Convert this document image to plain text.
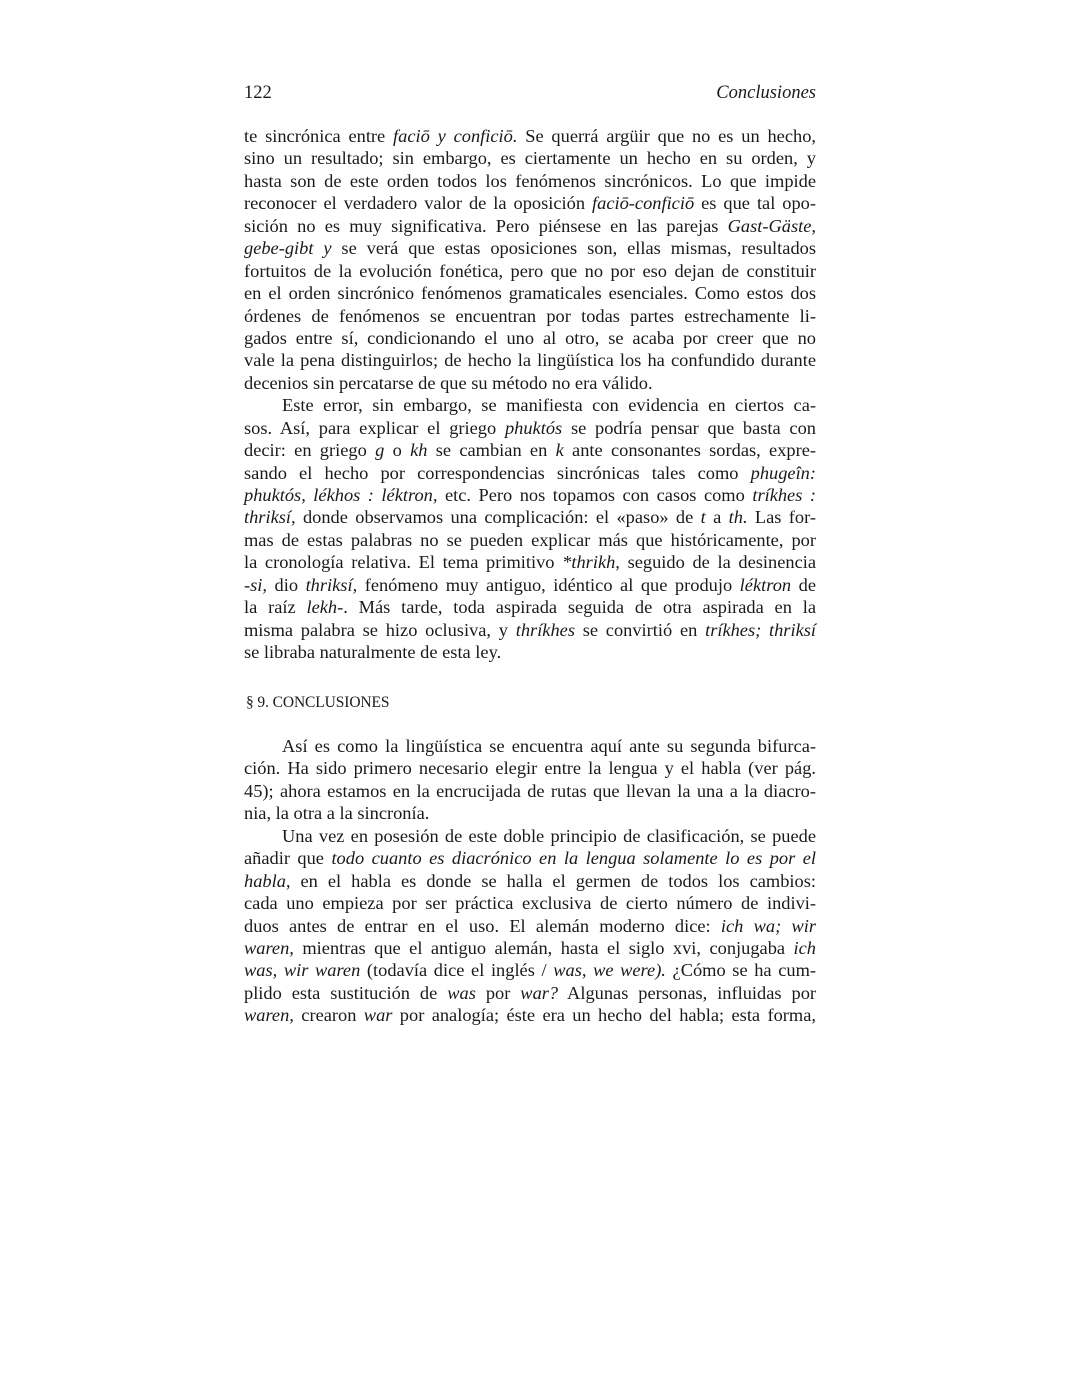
122	Conclusiones
te sincrónica entre faciō y conficiō. Se querrá argüir que no es un hecho,
sino un resultado; sin embargo, es ciertamente un hecho en su orden, y
hasta son de este orden todos los fenómenos sincrónicos. Lo que impide
reconocer el verdadero valor de la oposición faciō-conficiō es que tal opo-
sición no es muy significativa. Pero piénsese en las parejas Gast-Gäste,
gebe-gibt y se verá que estas oposiciones son, ellas mismas, resultados
fortuitos de la evolución fonética, pero que no por eso dejan de constituir
en el orden sincrónico fenómenos gramaticales esenciales. Como estos dos
órdenes de fenómenos se encuentran por todas partes estrechamente li-
gados entre sí, condicionando el uno al otro, se acaba por creer que no
vale la pena distinguirlos; de hecho la lingüística los ha confundido durante
decenios sin percatarse de que su método no era válido.
Este error, sin embargo, se manifiesta con evidencia en ciertos ca-
sos. Así, para explicar el griego phuktós se podría pensar que basta con
decir: en griego g o kh se cambian en k ante consonantes sordas, expre-
sando el hecho por correspondencias sincrónicas tales como phugeîn:
phuktós, lékhos : léktron, etc. Pero nos topamos con casos como tríkhes :
thriksí, donde observamos una complicación: el «paso» de t a th. Las for-
mas de estas palabras no se pueden explicar más que históricamente, por
la cronología relativa. El tema primitivo *thrikh, seguido de la desinencia
-si, dio thriksí, fenómeno muy antiguo, idéntico al que produjo léktron de
la raíz lekh-. Más tarde, toda aspirada seguida de otra aspirada en la
misma palabra se hizo oclusiva, y thríkhes se convirtió en tríkhes; thriksí
se libraba naturalmente de esta ley.
§ 9. CONCLUSIONES
Así es como la lingüística se encuentra aquí ante su segunda bifurca-
ción. Ha sido primero necesario elegir entre la lengua y el habla (ver pág.
45); ahora estamos en la encrucijada de rutas que llevan la una a la diacro-
nia, la otra a la sincronía.
Una vez en posesión de este doble principio de clasificación, se puede
añadir que todo cuanto es diacrónico en la lengua solamente lo es por el
habla, en el habla es donde se halla el germen de todos los cambios:
cada uno empieza por ser práctica exclusiva de cierto número de indivi-
duos antes de entrar en el uso. El alemán moderno dice: ich wa; wir
waren, mientras que el antiguo alemán, hasta el siglo xvi, conjugaba ich
was, wir waren (todavía dice el inglés / was, we were). ¿Cómo se ha cum-
plido esta sustitución de was por war? Algunas personas, influidas por
waren, crearon war por analogía; éste era un hecho del habla; esta forma,
